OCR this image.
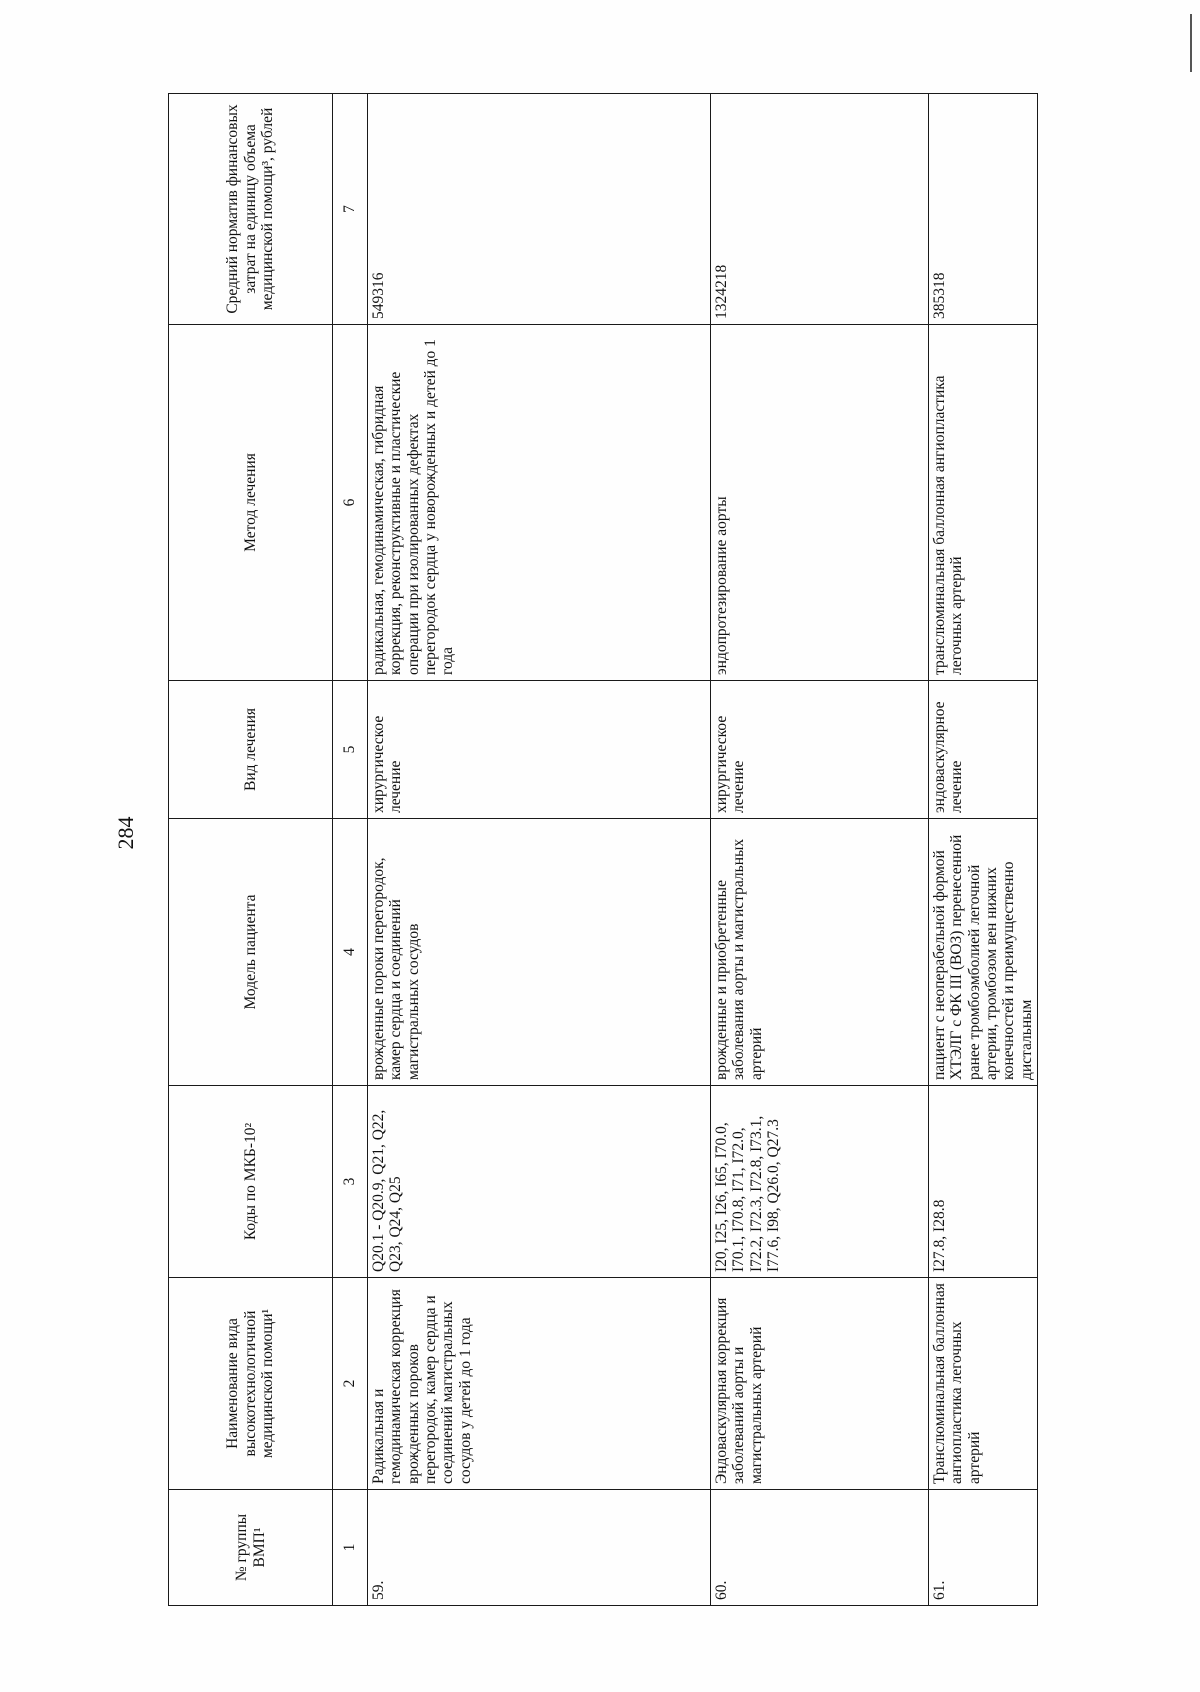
284
№ группы ВМП¹	Наименование вида высокотехнологичной медицинской помощи¹	Коды по МКБ-10²	Модель пациента	Вид лечения	Метод лечения	Средний норматив финансовых затрат на единицу объема медицинской помощи³, рублей
1	2	3	4	5	6	7
59.	Радикальная и гемодинамическая коррекция врожденных пороков перегородок, камер сердца и соединений магистральных сосудов у детей до 1 года	Q20.1 - Q20.9, Q21, Q22, Q23, Q24, Q25	врожденные пороки перегородок, камер сердца и соединений магистральных сосудов	хирургическое лечение	радикальная, гемодинамическая, гибридная коррекция, реконструктивные и пластические операции при изолированных дефектах перегородок сердца у новорожденных и детей до 1 года	549316
60.	Эндоваскулярная коррекция заболеваний аорты и магистральных артерий	I20, I25, I26, I65, I70.0, I70.1, I70.8, I71, I72.0, I72.2, I72.3, I72.8, I73.1, I77.6, I98, Q26.0, Q27.3	врожденные и приобретенные заболевания аорты и магистральных артерий	хирургическое лечение	эндопротезирование аорты	1324218
61.	Транслюминальная баллонная ангиопластика легочных артерий	I27.8, I28.8	пациент с неоперабельной формой ХТЭЛГ с ФК III (ВОЗ) перенесенной ранее тромбоэмболией легочной артерии, тромбозом вен нижних конечностей и преимущественно дистальным	эндоваскулярное лечение	транслюминальная баллонная ангиопластика легочных артерий	385318
